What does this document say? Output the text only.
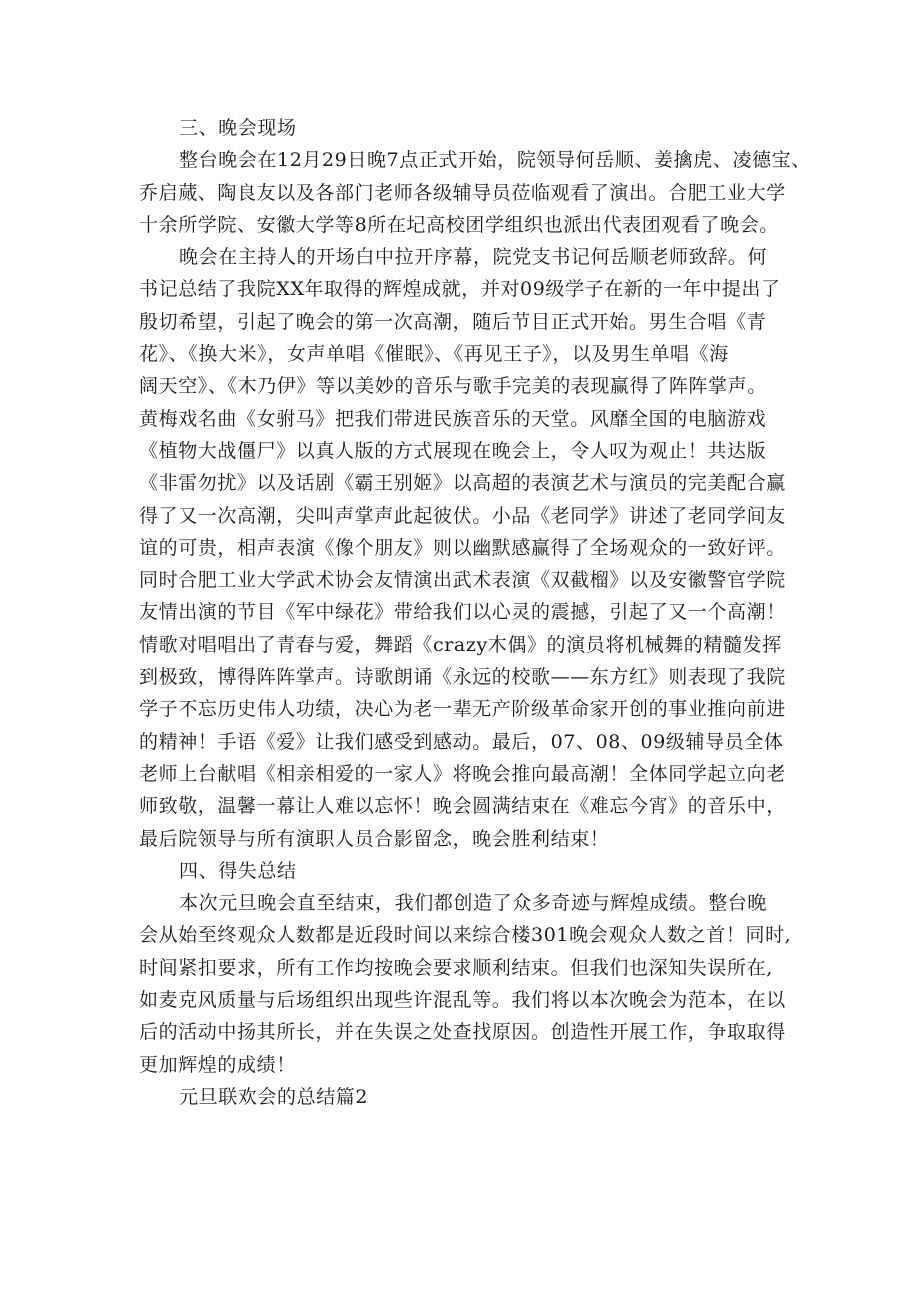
三、晚会现场

整台晚会在12月29日晚7点正式开始，院领导何岳顺、姜擒虎、凌德宝、
乔启蒇、陶良友以及各部门老师各级辅导员莅临观看了演出。合肥工业大学
十余所学院、安徽大学等8所在圮高校团学组织也派出代表团观看了晚会。

晚会在主持人的开场白中拉开序幕，院党支书记何岳顺老师致辞。何
书记总结了我院XX年取得的辉煌成就，并对09级学子在新的一年中提出了
殷切希望，引起了晚会的第一次高潮，随后节目正式开始。男生合唱《青
花》、《换大米》，女声单唱《催眠》、《再见王子》，以及男生单唱《海
阔天空》、《木乃伊》等以美妙的音乐与歌手完美的表现赢得了阵阵掌声。
黄梅戏名曲《女驸马》把我们带进民族音乐的天堂。风靡全国的电脑游戏
《植物大战僵尸》以真人版的方式展现在晚会上，令人叹为观止！共达版
《非雷勿扰》以及话剧《霸王别姬》以高超的表演艺术与演员的完美配合赢
得了又一次高潮，尖叫声掌声此起彼伏。小品《老同学》讲述了老同学间友
谊的可贵，相声表演《像个朋友》则以幽默感赢得了全场观众的一致好评。
同时合肥工业大学武术协会友情演出武术表演《双截榴》以及安徽警官学院
友情出演的节目《军中绿花》带给我们以心灵的震撼，引起了又一个高潮！
情歌对唱唱出了青春与爱，舞蹈《crazy木偶》的演员将机械舞的精髓发挥
到极致，博得阵阵掌声。诗歌朗诵《永远的校歌——东方红》则表现了我院
学子不忘历史伟人功绩，决心为老一辈无产阶级革命家开创的事业推向前进
的精神！手语《爱》让我们感受到感动。最后，07、08、09级辅导员全体
老师上台献唱《相亲相爱的一家人》将晚会推向最高潮！全体同学起立向老
师致敬，温馨一幕让人难以忘怀！晚会圆满结束在《难忘今宵》的音乐中，
最后院领导与所有演职人员合影留念，晚会胜利结束！

四、得失总结

本次元旦晚会直至结束，我们都创造了众多奇迹与辉煌成绩。整台晚
会从始至终观众人数都是近段时间以来综合楼301晚会观众人数之首！同时,
时间紧扣要求，所有工作均按晚会要求顺利结束。但我们也深知失误所在,
如麦克风质量与后场组织出现些许混乱等。我们将以本次晚会为范本，在以
后的活动中扬其所长，并在失误之处查找原因。创造性开展工作，争取取得
更加辉煌的成绩！

元旦联欢会的总结篇2
